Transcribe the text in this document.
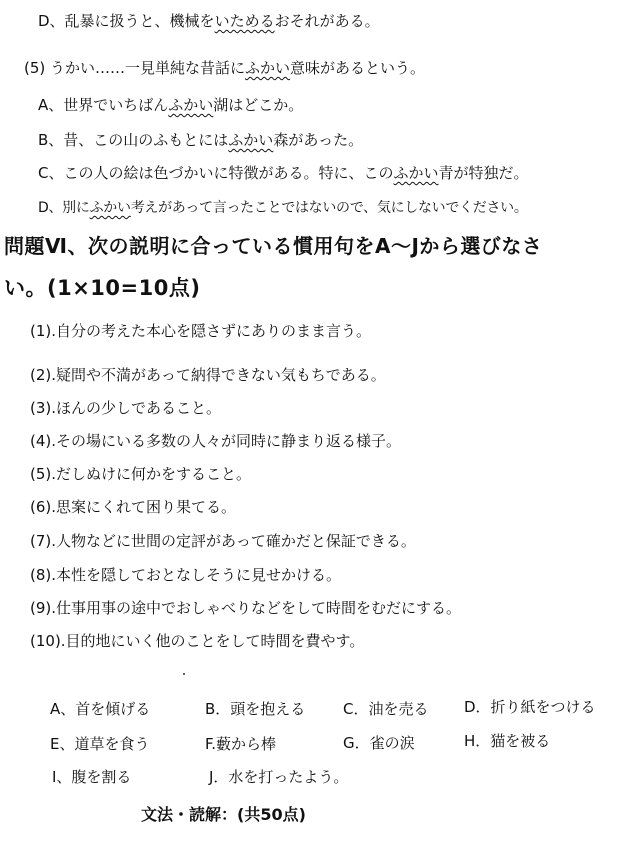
D、乱暴に扱うと、機械をいためるおそれがある。
(5) うかい……一見単純な昔話にふかい意味があるという。
A、世界でいちばんふかい湖はどこか。
B、昔、この山のふもとにはふかい森があった。
C、この人の絵は色づかいに特徴がある。特に、このふかい青が特独だ。
D、別にふかい考えがあって言ったことではないので、気にしないでください。
問題Ⅵ、次の説明に合っている慣用句をA～Jから選びなさ
い。(1×10=10点)
(1).自分の考えた本心を隠さずにありのまま言う。
(2).疑問や不満があって納得できない気もちである。
(3).ほんの少しであること。
(4).その場にいる多数の人々が同時に静まり返る様子。
(5).だしぬけに何かをすること。
(6).思案にくれて困り果てる。
(7).人物などに世間の定評があって確かだと保証できる。
(8).本性を隠しておとなしそうに見せかける。
(9).仕事用事の途中でおしゃべりなどをして時間をむだにする。
(10).目的地にいく他のことをして時間を費やす。
A、首を傾げる	B．頭を抱える	C．油を売る D．折り紙をつける
E、道草を食う	F.藪から棒	G．雀の涙	H．猫を被る
I、腹を割る	J．水を打ったよう。
文法・読解：(共50点)
